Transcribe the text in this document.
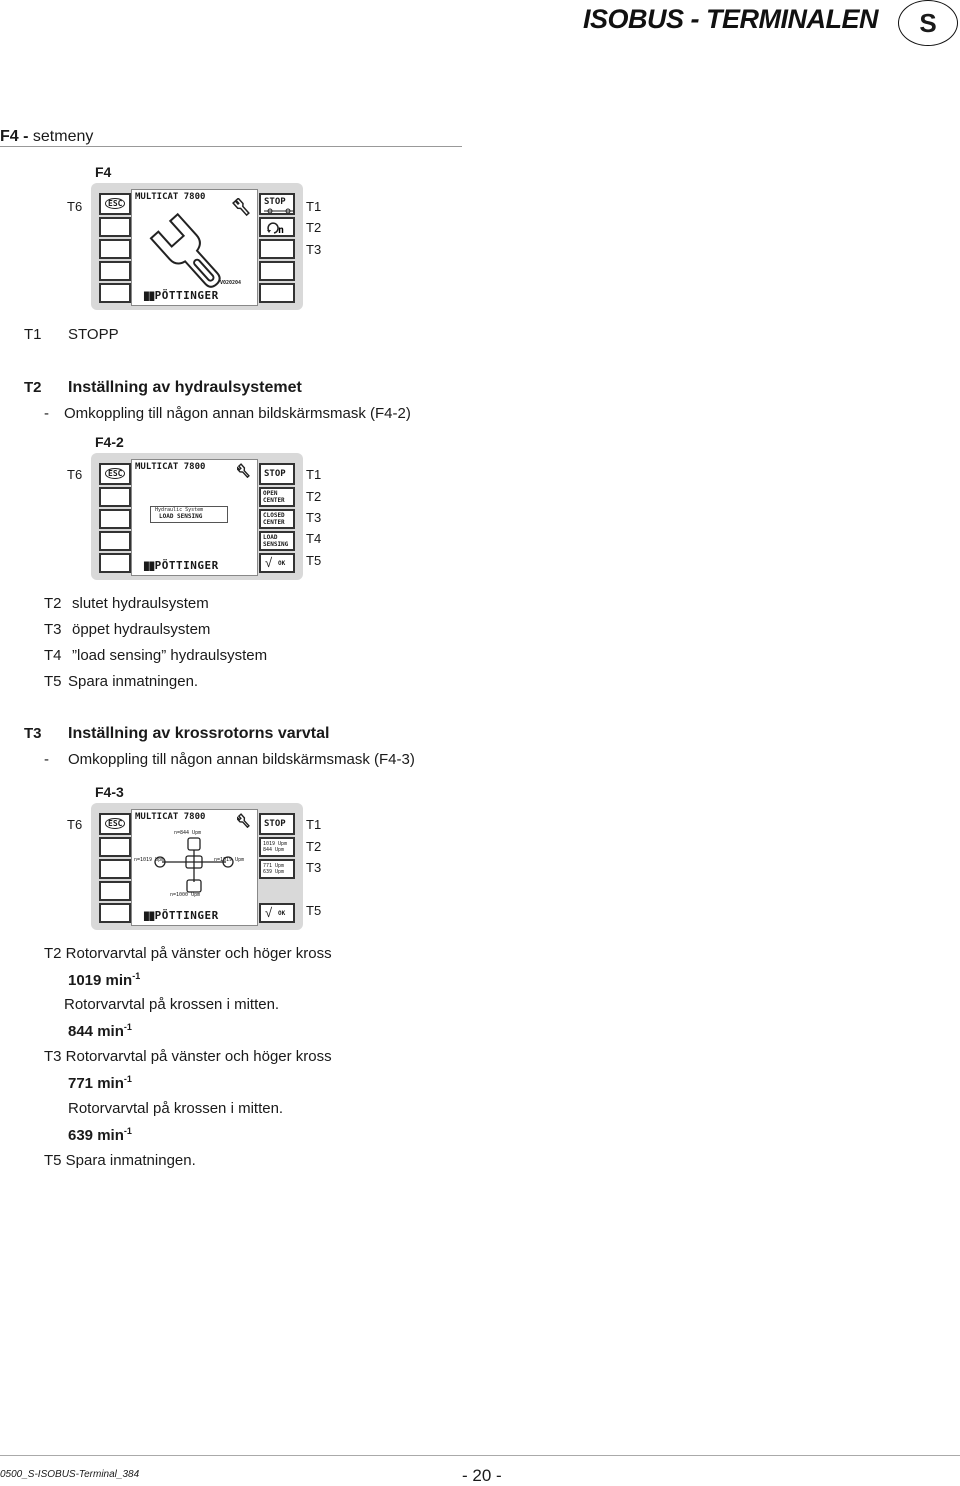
ISOBUS - TERMINALEN	S
F4 - setmeny
F4
T6	T1
T2
T3
MULTICAT 7800
V020204
██PÖTTINGER
ESC	STOP
n
T1 STOPP
T2 Inställning av hydraulsystemet
- Omkoppling till någon annan bildskärmsmask (F4-2)
F4-2
T6	T1
T2
T3
T4
T5
MULTICAT 7800
Hydraulic System
LOAD SENSING
██PÖTTINGER
ESC	STOP
OPEN
CENTER
CLOSED
CENTER
LOAD
SENSING
√ OK
T2 slutet hydraulsystem
T3 öppet hydraulsystem
T4 ”load sensing” hydraulsystem
T5 Spara inmatningen.
T3 Inställning av krossrotorns varvtal
- Omkoppling till någon annan bildskärmsmask (F4-3)
F4-3
T6	T1
T2
T3
T5
MULTICAT 7800
n=844 Upm
n=1019 Upm	n=1019 Upm
n=1000 Upm
██PÖTTINGER
ESC	STOP
1019 Upm
844 Upm
771 Upm
639 Upm
√ OK
T2 Rotorvarvtal på vänster och höger kross
1019 $\min^{-1}$
Rotorvarvtal på krossen i mitten.
844 $\min^{-1}$
T3 Rotorvarvtal på vänster och höger kross
771 $\min^{-1}$
Rotorvarvtal på krossen i mitten.
639 $\min^{-1}$
T5 Spara inmatningen.
0500_S-ISOBUS-Terminal_384	- 20 -
